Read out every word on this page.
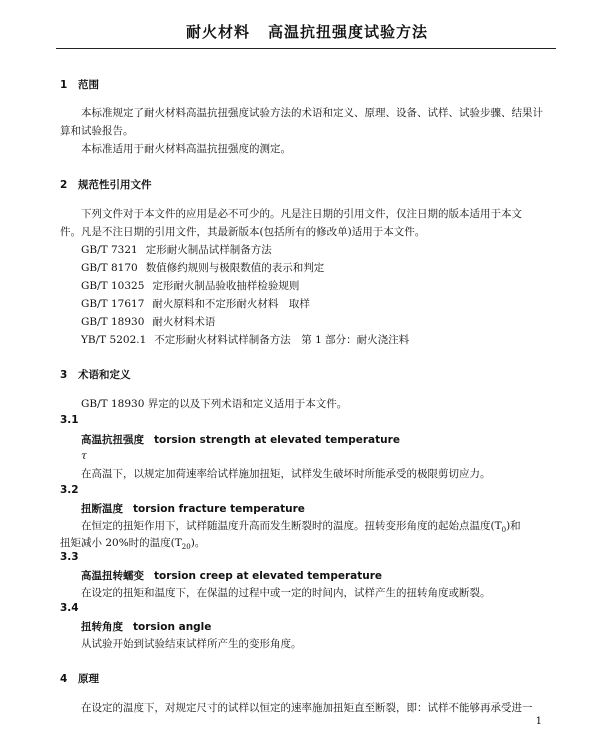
耐火材料 高温抗扭强度试验方法
1 范围
本标准规定了耐火材料高温抗扭强度试验方法的术语和定义、原理、设备、试样、试验步骤、结果计
算和试验报告。
本标准适用于耐火材料高温抗扭强度的测定。
2 规范性引用文件
下列文件对于本文件的应用是必不可少的。凡是注日期的引用文件，仅注日期的版本适用于本文
件。凡是不注日期的引用文件，其最新版本(包括所有的修改单)适用于本文件。
GB/T 7321 定形耐火制品试样制备方法
GB/T 8170 数值修约规则与极限数值的表示和判定
GB/T 10325 定形耐火制品验收抽样检验规则
GB/T 17617 耐火原料和不定形耐火材料　取样
GB/T 18930 耐火材料术语
YB/T 5202.1 不定形耐火材料试样制备方法　第 1 部分：耐火浇注料
3 术语和定义
GB/T 18930 界定的以及下列术语和定义适用于本文件。
3.1
高温抗扭强度 torsion strength at elevated temperature
τ
在高温下，以规定加荷速率给试样施加扭矩，试样发生破坏时所能承受的极限剪切应力。
3.2
扭断温度 torsion fracture temperature
在恒定的扭矩作用下，试样随温度升高而发生断裂时的温度。扭转变形角度的起始点温度$(T_0)$和
扭矩减小 20%时的温度$(T_{20})$。
3.3
高温扭转蠕变 torsion creep at elevated temperature
在设定的扭矩和温度下，在保温的过程中或一定的时间内，试样产生的扭转角度或断裂。
3.4
扭转角度 torsion angle
从试验开始到试验结束试样所产生的变形角度。
4 原理
在设定的温度下，对规定尺寸的试样以恒定的速率施加扭矩直至断裂，即：试样不能够再承受进一
1
